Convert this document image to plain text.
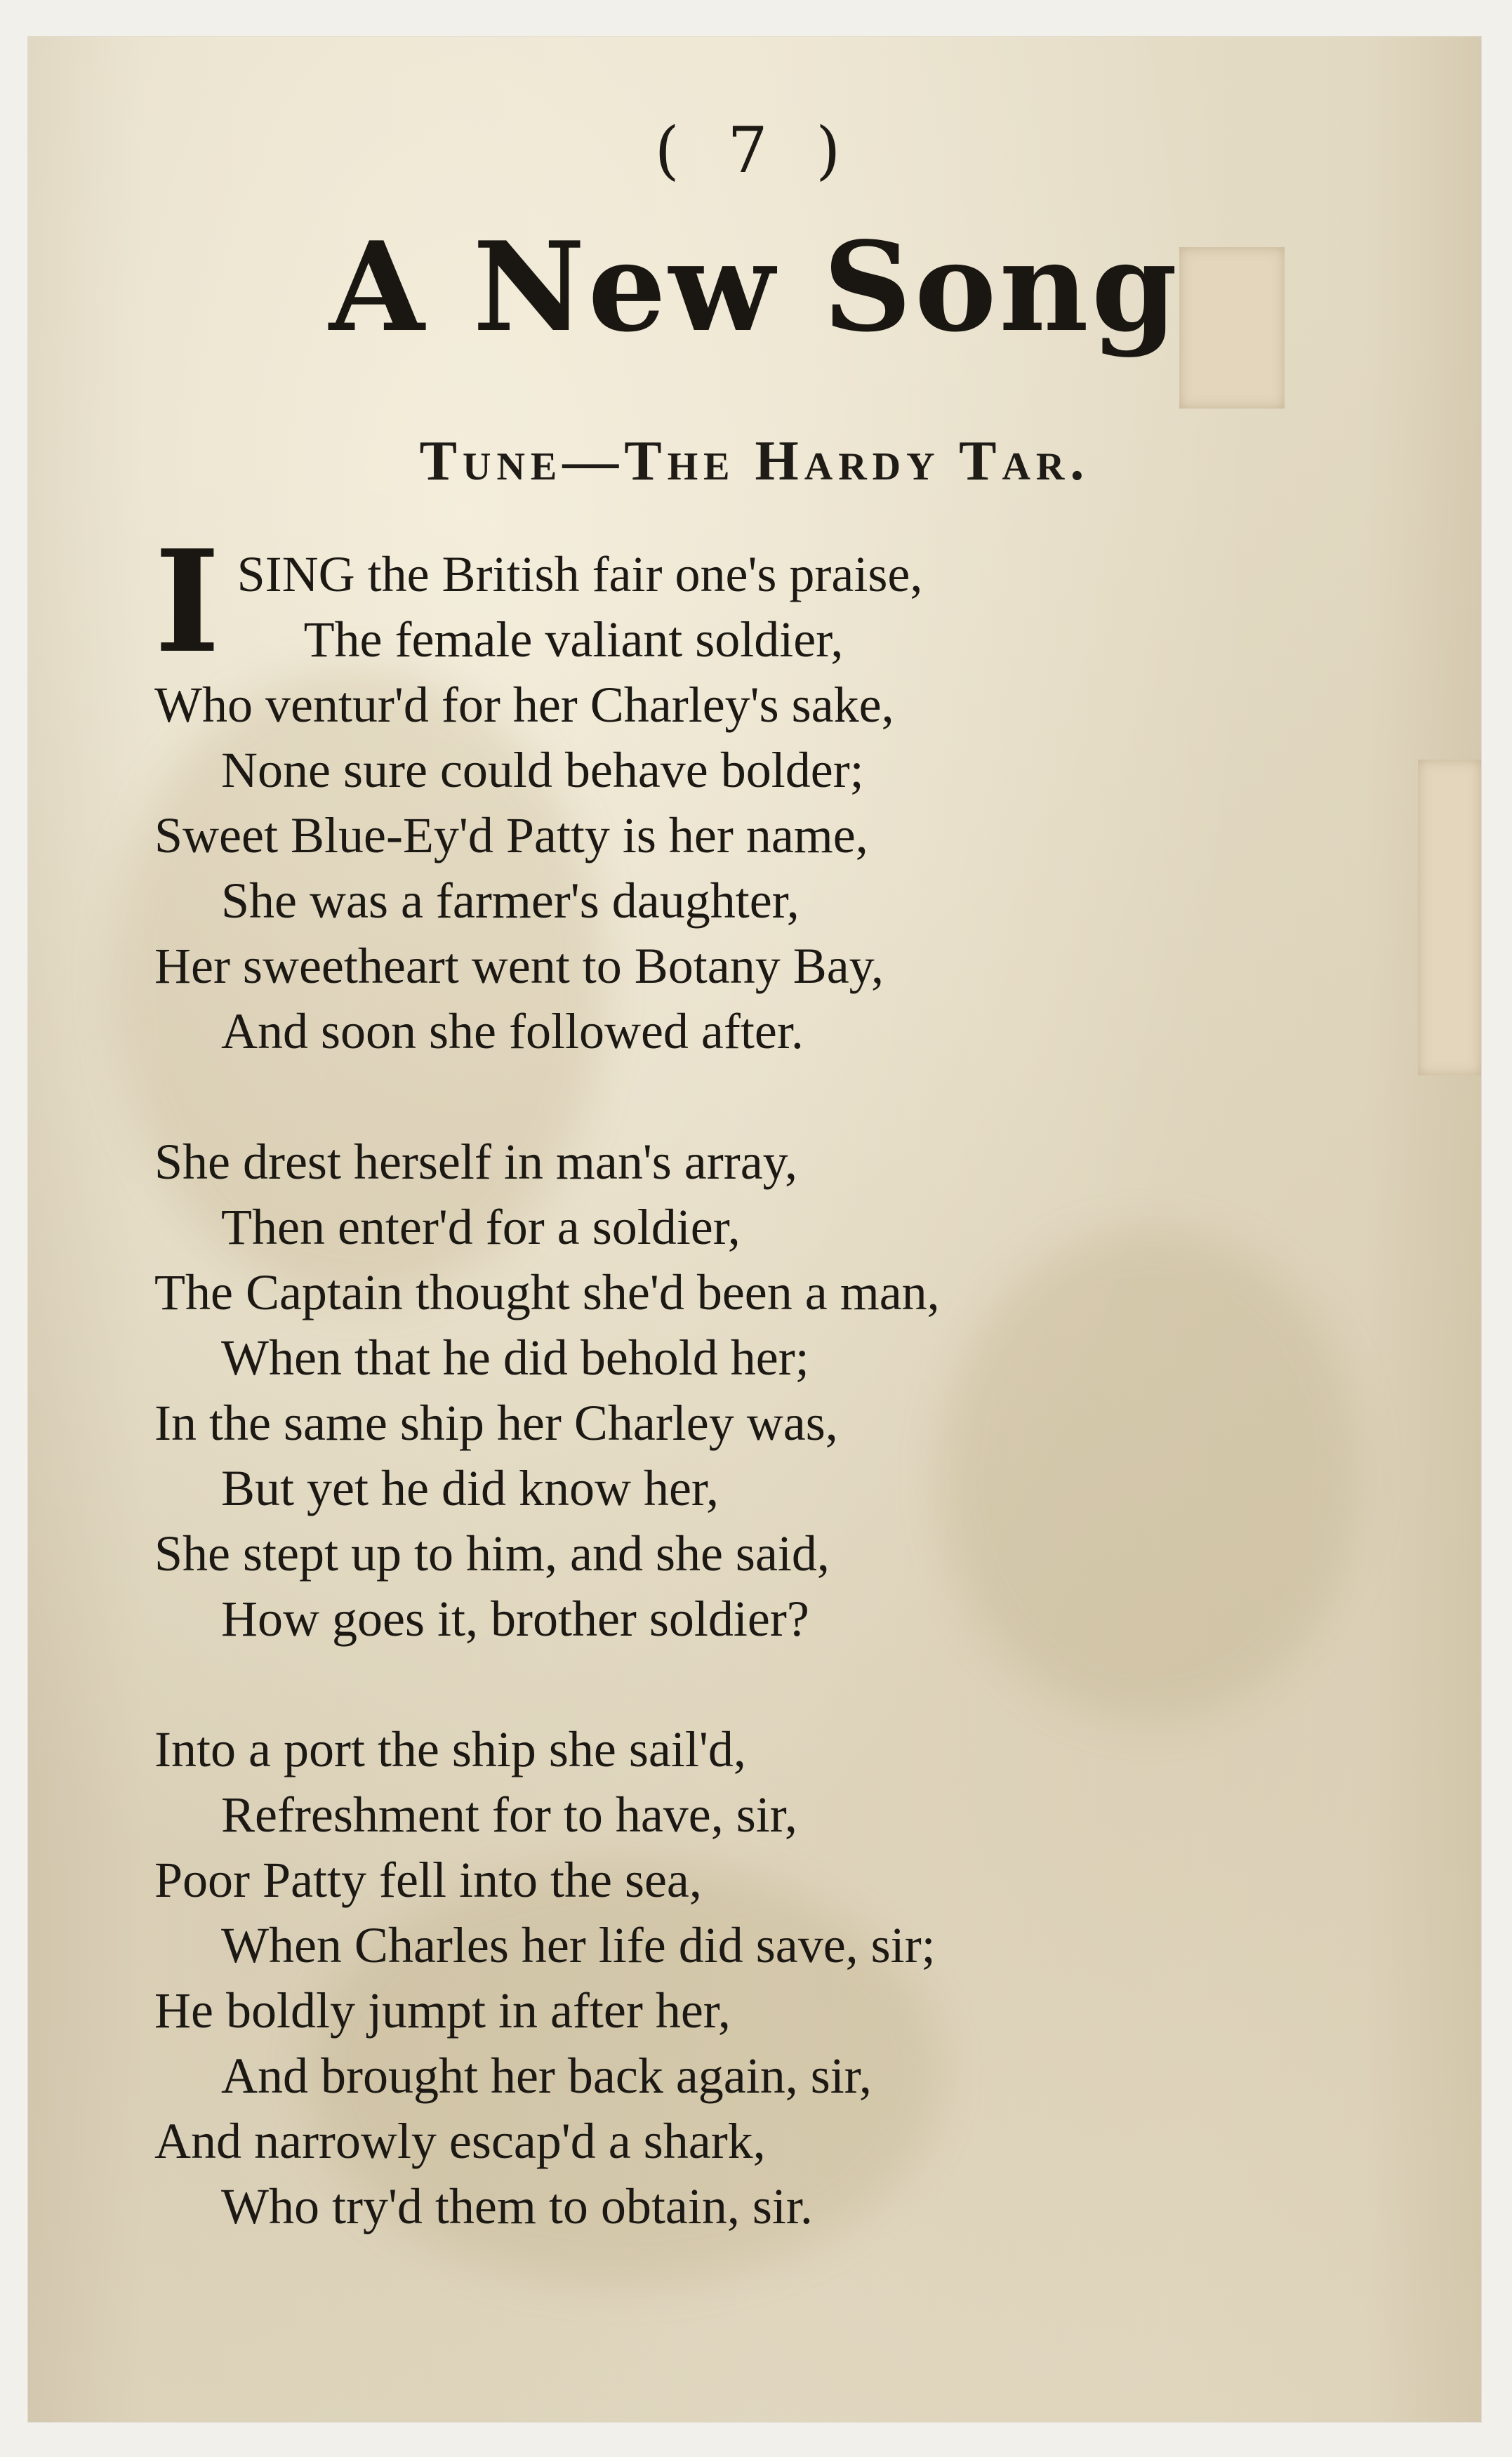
( 7 )
A New Song
Tune—The Hardy Tar.
I SING the British fair one's praise,
The female valiant soldier,
Who ventur'd for her Charley's sake,
None sure could behave bolder;
Sweet Blue-Ey'd Patty is her name,
She was a farmer's daughter,
Her sweetheart went to Botany Bay,
And soon she followed after.
She drest herself in man's array,
Then enter'd for a soldier,
The Captain thought she'd been a man,
When that he did behold her;
In the same ship her Charley was,
But yet he did know her,
She stept up to him, and she said,
How goes it, brother soldier?
Into a port the ship she sail'd,
Refreshment for to have, sir,
Poor Patty fell into the sea,
When Charles her life did save, sir;
He boldly jumpt in after her,
And brought her back again, sir,
And narrowly escap'd a shark,
Who try'd them to obtain, sir.
